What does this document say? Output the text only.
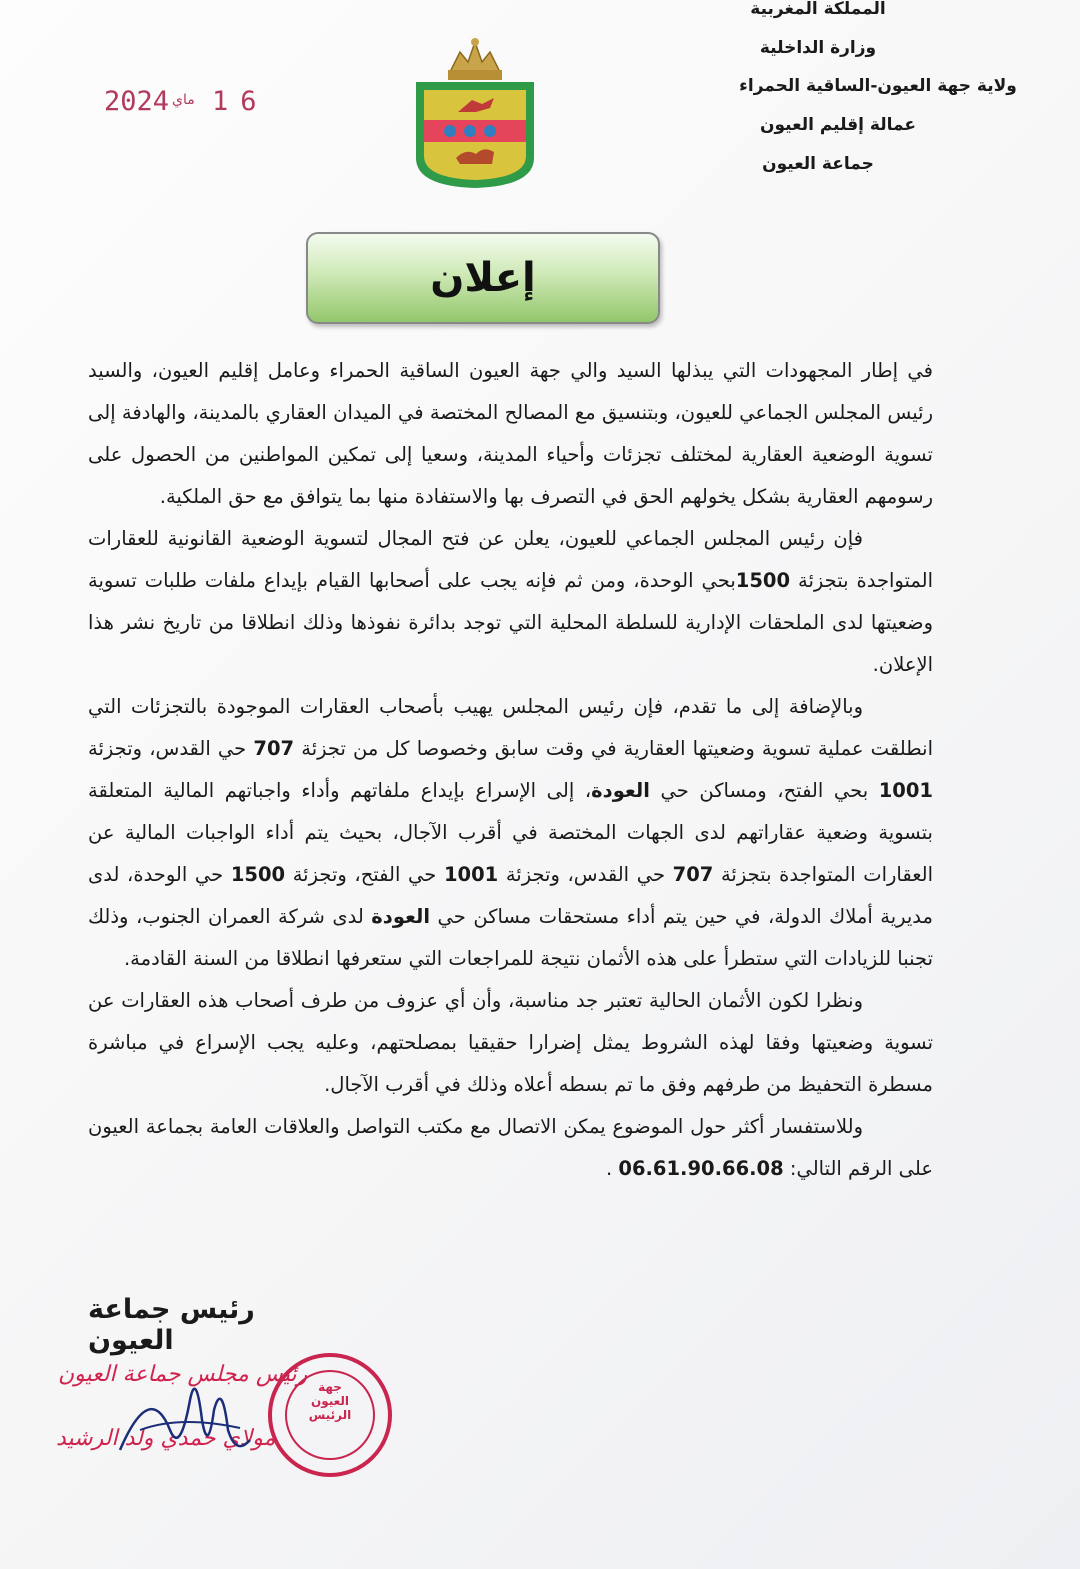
المملكة المغربية
وزارة الداخلية
ولاية جهة العيون-الساقية الحمراء
عمالة إقليم العيون
جماعة العيون
2024 ماي 16
إعلان

في إطار المجهودات التي يبذلها السيد والي جهة العيون الساقية الحمراء وعامل إقليم العيون، والسيد رئيس المجلس الجماعي للعيون، وبتنسيق مع المصالح المختصة في الميدان العقاري بالمدينة، والهادفة إلى تسوية الوضعية العقارية لمختلف تجزئات وأحياء المدينة، وسعيا إلى تمكين المواطنين من الحصول على رسومهم العقارية بشكل يخولهم الحق في التصرف بها والاستفادة منها بما يتوافق مع حق الملكية.

فإن رئيس المجلس الجماعي للعيون، يعلن عن فتح المجال لتسوية الوضعية القانونية للعقارات المتواجدة بتجزئة 1500بحي الوحدة، ومن ثم فإنه يجب على أصحابها القيام بإيداع ملفات طلبات تسوية وضعيتها لدى الملحقات الإدارية للسلطة المحلية التي توجد بدائرة نفوذها وذلك انطلاقا من تاريخ نشر هذا الإعلان.

وبالإضافة إلى ما تقدم، فإن رئيس المجلس يهيب بأصحاب العقارات الموجودة بالتجزئات التي انطلقت عملية تسوية وضعيتها العقارية في وقت سابق وخصوصا كل من تجزئة 707 حي القدس، وتجزئة 1001 بحي الفتح، ومساكن حي العودة، إلى الإسراع بإيداع ملفاتهم وأداء واجباتهم المالية المتعلقة بتسوية وضعية عقاراتهم لدى الجهات المختصة في أقرب الآجال، بحيث يتم أداء الواجبات المالية عن العقارات المتواجدة بتجزئة 707 حي القدس، وتجزئة 1001 حي الفتح، وتجزئة 1500 حي الوحدة، لدى مديرية أملاك الدولة، في حين يتم أداء مستحقات مساكن حي العودة لدى شركة العمران الجنوب، وذلك تجنبا للزيادات التي ستطرأ على هذه الأثمان نتيجة للمراجعات التي ستعرفها انطلاقا من السنة القادمة.

ونظرا لكون الأثمان الحالية تعتبر جد مناسبة، وأن أي عزوف من طرف أصحاب هذه العقارات عن تسوية وضعيتها وفقا لهذه الشروط يمثل إضرارا حقيقيا بمصلحتهم، وعليه يجب الإسراع في مباشرة مسطرة التحفيظ من طرفهم وفق ما تم بسطه أعلاه وذلك في أقرب الآجال.

وللاستفسار أكثر حول الموضوع يمكن الاتصال مع مكتب التواصل والعلاقات العامة بجماعة العيون على الرقم التالي: 06.61.90.66.08 .

رئيس جماعة العيون
رئيس مجلس جماعة العيون
مولاي حمدي ولد الرشيد
جهة
العيون
الرئيس
